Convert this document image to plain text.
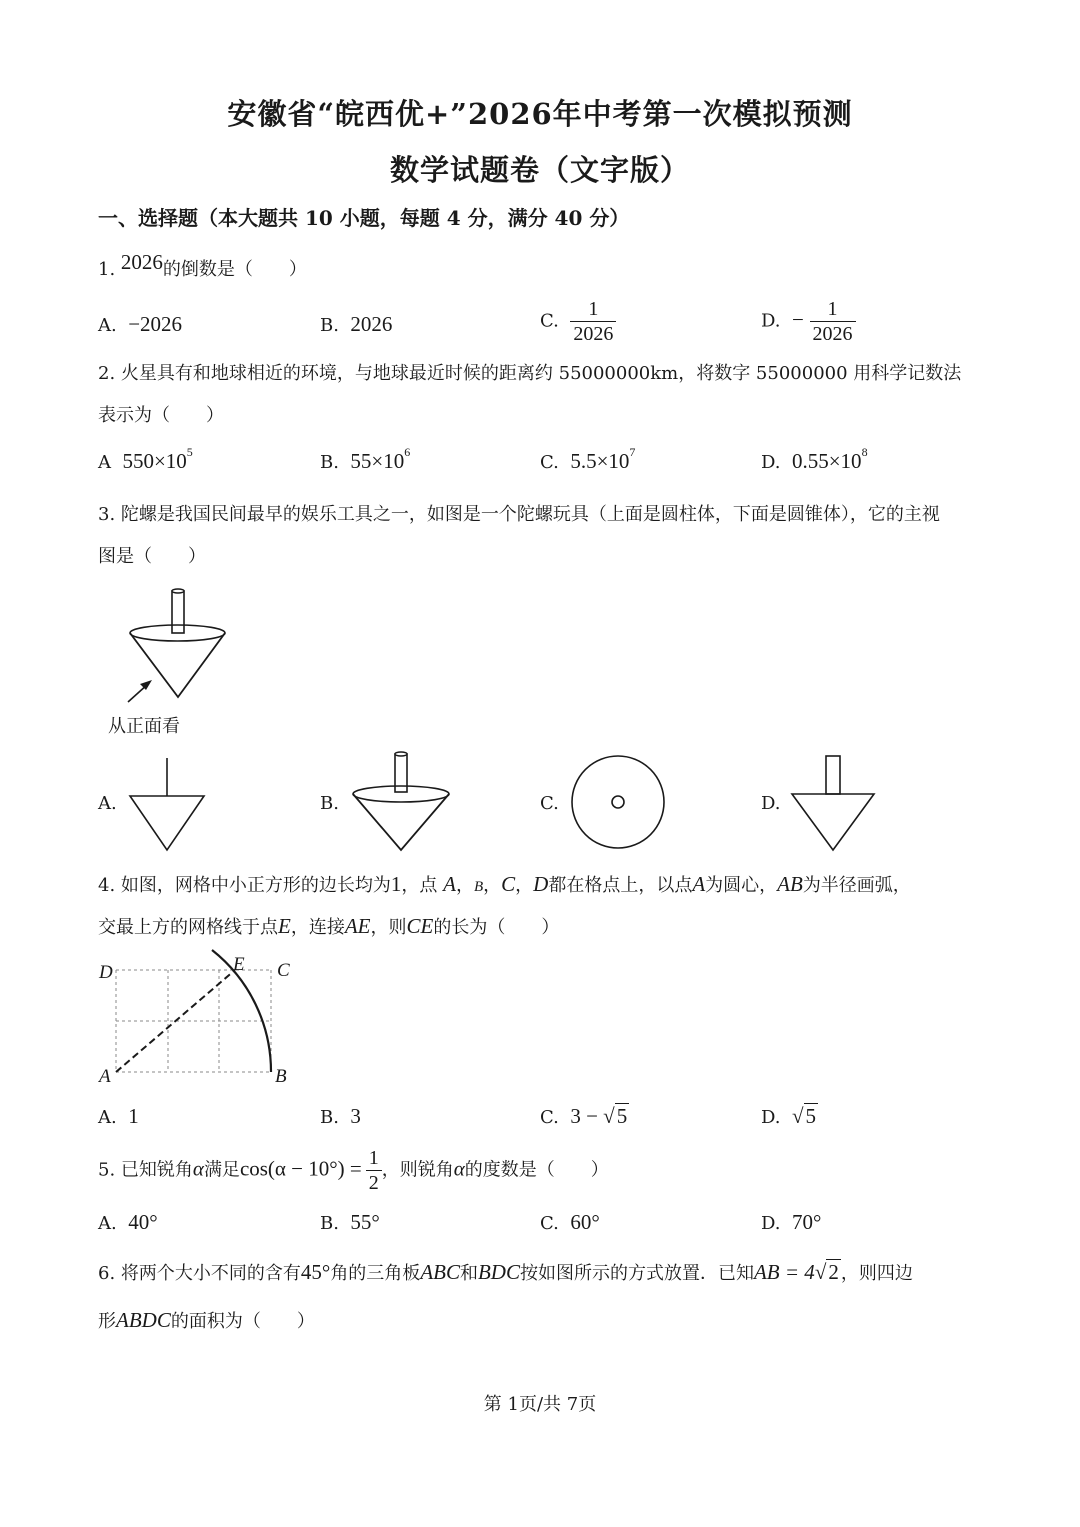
安徽省“皖西优+”2026年中考第一次模拟预测
数学试题卷（文字版）
一、选择题（本大题共 10 小题，每题 4 分，满分 40 分）
1. 2026的倒数是（　　）
A. −2026	B. 2026	C. $\frac{1}{2026}$	D. − $\frac{1}{2026}$
2. 火星具有和地球相近的环境，与地球最近时候的距离约 55000000km，将数字 55000000 用科学记数法
表示为（　　）
A $550\times 10^5$	B. $55\times 10^6$	C. $5.5\times 10^7$	D. $0.55\times 10^8$
3. 陀螺是我国民间最早的娱乐工具之一，如图是一个陀螺玩具（上面是圆柱体，下面是圆锥体），它的主视
图是（　　）
从正面看
A.	B.	C.	D.
4. 如图，网格中小正方形的边长均为1，点 A，B，C，D都在格点上，以点A为圆心，AB为半径画弧，
交最上方的网格线于点E，连接AE，则CE的长为（　　）
D	E C
A	B
A. 1	B. 3	C. 3 − √5	D. √5
5. 已知锐角α满足$\cos(\alpha - 10^\circ) = \frac{1}{2}$ ，则锐角α的度数是（　　）
A. 40°	B. 55°	C. 60°	D. 70°
6. 将两个大小不同的含有45°角的三角板ABC和BDC按如图所示的方式放置．已知AB = 4√2 ，则四边
形ABDC的面积为（　　）
第 1页/共 7页
